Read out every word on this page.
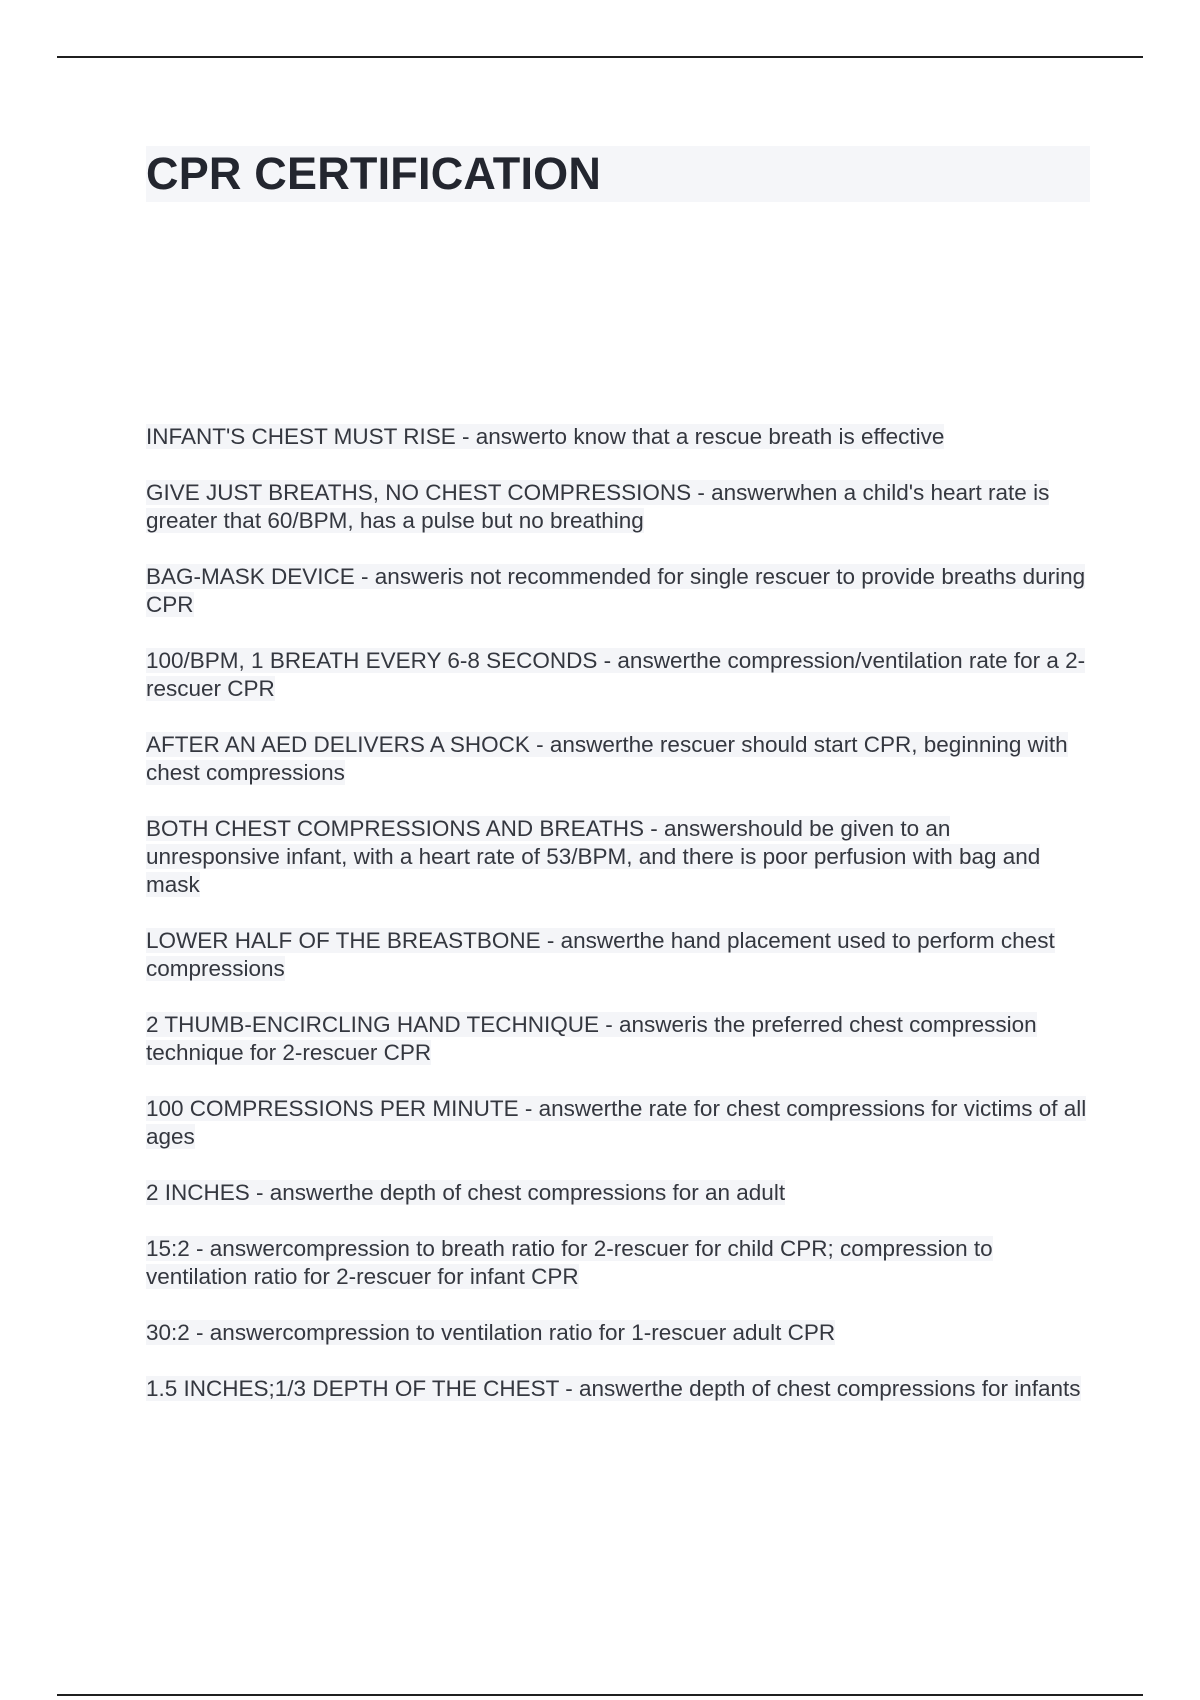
CPR CERTIFICATION
INFANT'S CHEST MUST RISE - answerto know that a rescue breath is effective
GIVE JUST BREATHS, NO CHEST COMPRESSIONS - answerwhen a child's heart rate is greater that 60/BPM, has a pulse but no breathing
BAG-MASK DEVICE - answeris not recommended for single rescuer to provide breaths during CPR
100/BPM, 1 BREATH EVERY 6-8 SECONDS - answerthe compression/ventilation rate for a 2-rescuer CPR
AFTER AN AED DELIVERS A SHOCK - answerthe rescuer should start CPR, beginning with chest compressions
BOTH CHEST COMPRESSIONS AND BREATHS - answershould be given to an unresponsive infant, with a heart rate of 53/BPM, and there is poor perfusion with bag and mask
LOWER HALF OF THE BREASTBONE - answerthe hand placement used to perform chest compressions
2 THUMB-ENCIRCLING HAND TECHNIQUE - answeris the preferred chest compression technique for 2-rescuer CPR
100 COMPRESSIONS PER MINUTE - answerthe rate for chest compressions for victims of all ages
2 INCHES - answerthe depth of chest compressions for an adult
15:2 - answercompression to breath ratio for 2-rescuer for child CPR; compression to ventilation ratio for 2-rescuer for infant CPR
30:2 - answercompression to ventilation ratio for 1-rescuer adult CPR
1.5 INCHES;1/3 DEPTH OF THE CHEST - answerthe depth of chest compressions for infants
